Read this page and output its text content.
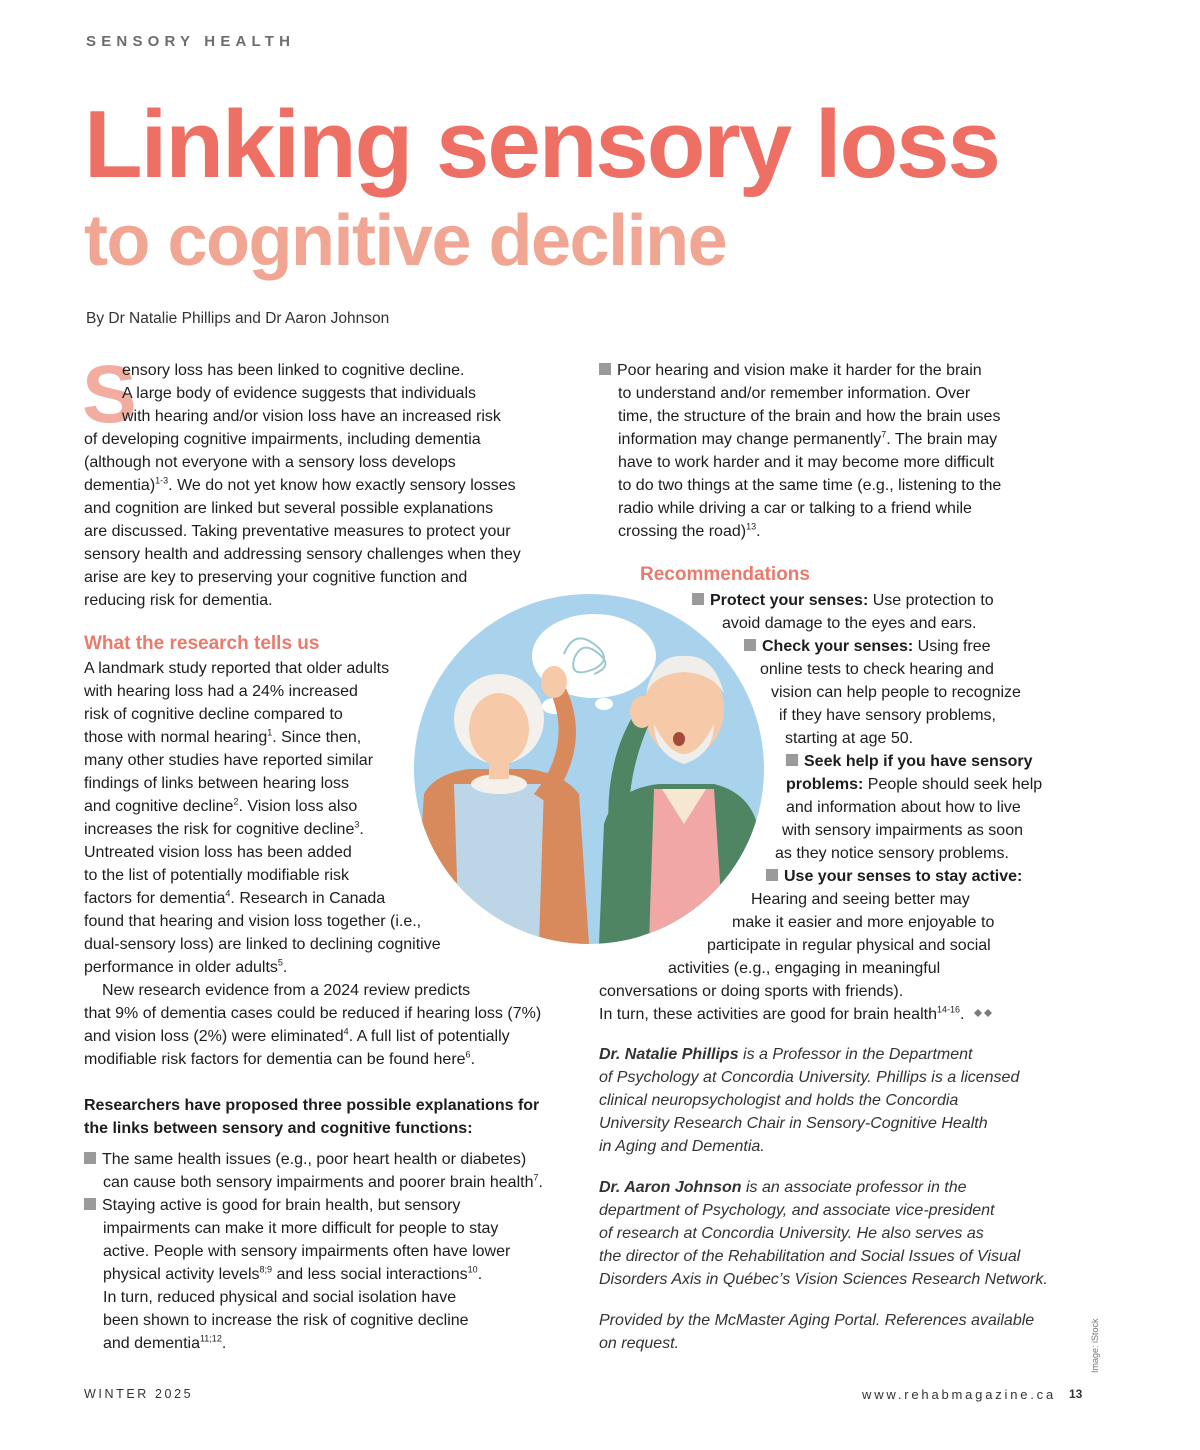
SENSORY HEALTH
Linking sensory loss
to cognitive decline
By Dr Natalie Phillips and Dr Aaron Johnson
S

ensory loss has been linked to cognitive decline.

A large body of evidence suggests that individuals

with hearing and/or vision loss have an increased risk

of developing cognitive impairments, including dementia

(although not everyone with a sensory loss develops

dementia)$^{1-3}$. We do not yet know how exactly sensory losses

and cognition are linked but several possible explanations

are discussed. Taking preventative measures to protect your

sensory health and addressing sensory challenges when they

arise are key to preserving your cognitive function and

reducing risk for dementia.

What the research tells us

A landmark study reported that older adults

with hearing loss had a 24% increased

risk of cognitive decline compared to

those with normal hearing$^1$. Since then,

many other studies have reported similar

findings of links between hearing loss

and cognitive decline$^2$. Vision loss also

increases the risk for cognitive decline$^3$.

Untreated vision loss has been added

to the list of potentially modifiable risk

factors for dementia$^4$. Research in Canada

found that hearing and vision loss together (i.e.,

dual-sensory loss) are linked to declining cognitive

performance in older adults$^5$.

New research evidence from a 2024 review predicts

that 9% of dementia cases could be reduced if hearing loss (7%)

and vision loss (2%) were eliminated$^4$. A full list of potentially

modifiable risk factors for dementia can be found here$^6$.

Researchers have proposed three possible explanations for

the links between sensory and cognitive functions:

The same health issues (e.g., poor heart health or diabetes)

can cause both sensory impairments and poorer brain health$^7$.

Staying active is good for brain health, but sensory

impairments can make it more difficult for people to stay

active. People with sensory impairments often have lower

physical activity levels$^{8;9}$ and less social interactions$^{10}$.

In turn, reduced physical and social isolation have

been shown to increase the risk of cognitive decline

and dementia$^{11;12}$.

Poor hearing and vision make it harder for the brain

to understand and/or remember information. Over

time, the structure of the brain and how the brain uses

information may change permanently$^7$. The brain may

have to work harder and it may become more difficult

to do two things at the same time (e.g., listening to the

radio while driving a car or talking to a friend while

crossing the road)$^{13}$.

Recommendations

Protect your senses: Use protection to

avoid damage to the eyes and ears.

Check your senses: Using free

online tests to check hearing and
vision can help people to recognize
if they have sensory problems,
starting at age 50.

Seek help if you have sensory

problems: People should seek help
and information about how to live
with sensory impairments as soon
as they notice sensory problems.

Use your senses to stay active:

Hearing and seeing better may
make it easier and more enjoyable to
participate in regular physical and social
activities (e.g., engaging in meaningful
conversations or doing sports with friends).
In turn, these activities are good for brain health$^{14-16}$.

Dr. Natalie Phillips is a Professor in the Department

of Psychology at Concordia University. Phillips is a licensed

clinical neuropsychologist and holds the Concordia

University Research Chair in Sensory-Cognitive Health

in Aging and Dementia.

Dr. Aaron Johnson is an associate professor in the

department of Psychology, and associate vice-president

of research at Concordia University. He also serves as

the director of the Rehabilitation and Social Issues of Visual

Disorders Axis in Québec’s Vision Sciences Research Network.

Provided by the McMaster Aging Portal. References available

on request.

WINTER 2025	www.rehabmagazine.ca 13
Image: iStock
